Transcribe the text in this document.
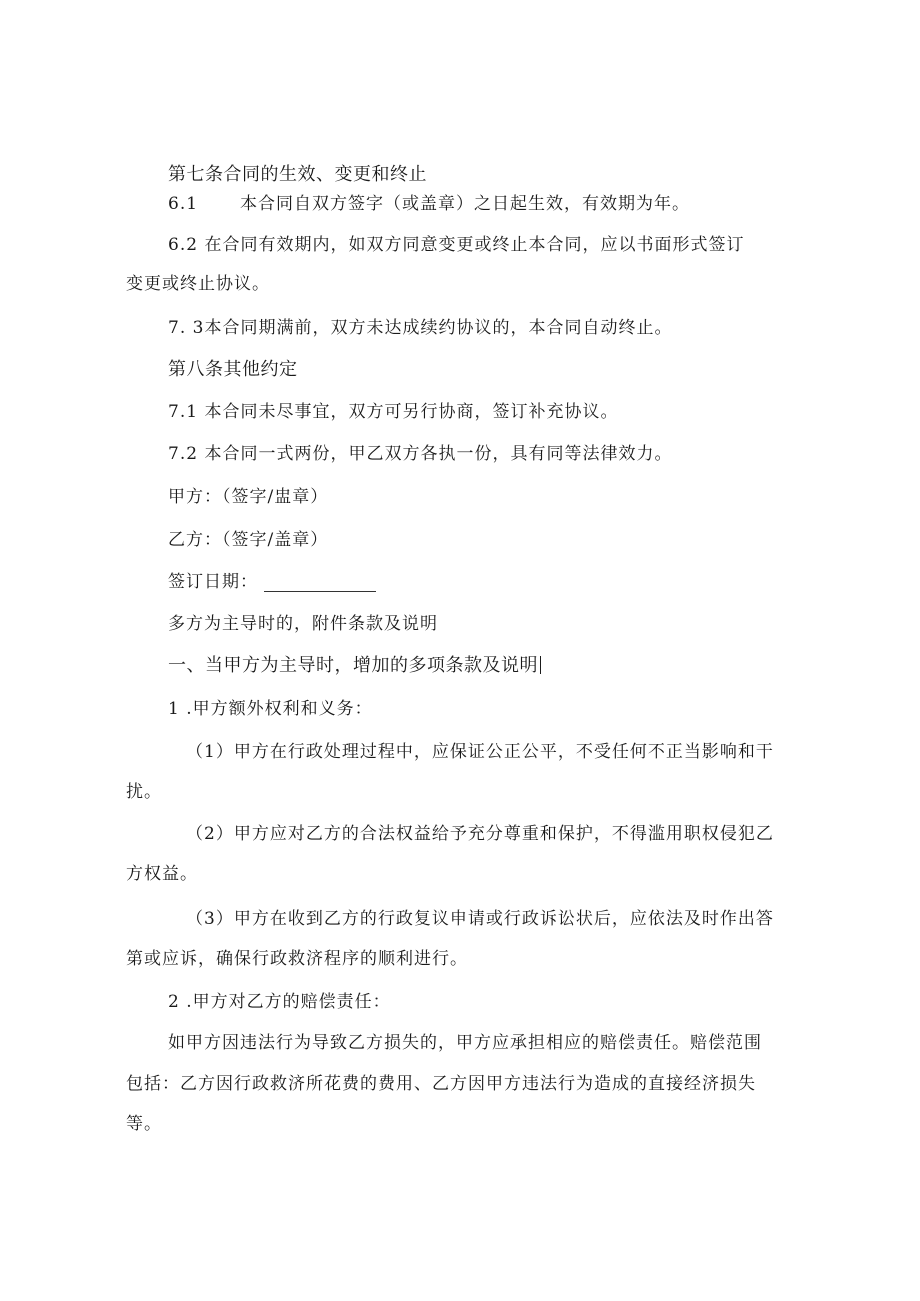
第七条合同的生效、变更和终止
6.1 本合同自双方签字（或盖章）之日起生效，有效期为年。
6.2 在合同有效期内，如双方同意变更或终止本合同，应以书面形式签订
变更或终止协议。
7. 3本合同期满前，双方未达成续约协议的，本合同自动终止。
第八条其他约定
7.1 本合同未尽事宜，双方可另行协商，签订补充协议。
7.2 本合同一式两份，甲乙双方各执一份，具有同等法律效力。
甲方：（签字/盅章）
乙方：（签字/盖章）
签订日期：
多方为主导时的，附件条款及说明
一、当甲方为主导时，增加的多项条款及说明
1 .甲方额外权利和义务：
（1）甲方在行政处理过程中，应保证公正公平，不受任何不正当影响和干
扰。
（2）甲方应对乙方的合法权益给予充分尊重和保护，不得滥用职权侵犯乙
方权益。
（3）甲方在收到乙方的行政复议申请或行政诉讼状后，应依法及时作出答
第或应诉，确保行政救济程序的顺利进行。
2 .甲方对乙方的赔偿责任：
如甲方因违法行为导致乙方损失的，甲方应承担相应的赔偿责任。赔偿范围
包括：乙方因行政救济所花费的费用、乙方因甲方违法行为造成的直接经济损失
等。
